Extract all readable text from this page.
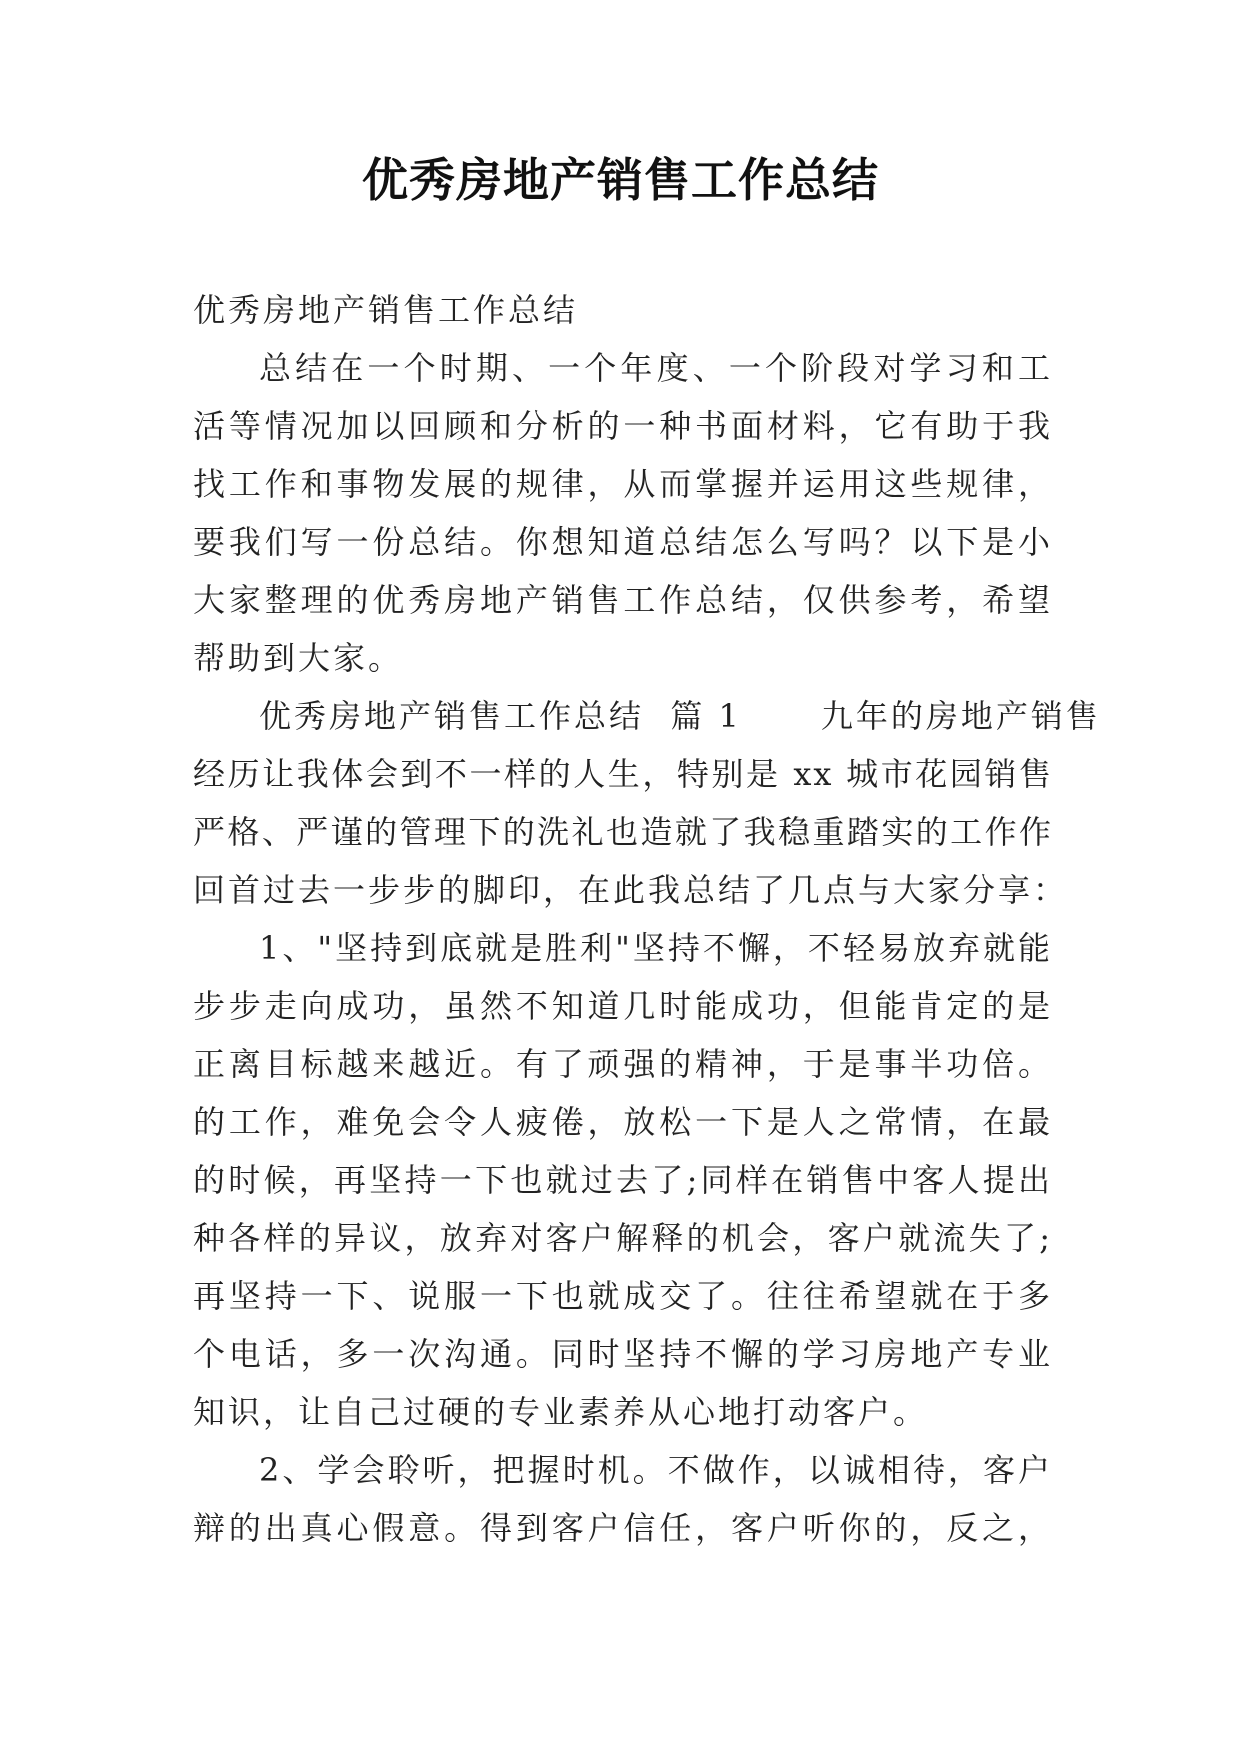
优秀房地产销售工作总结
优秀房地产销售工作总结
总结在一个时期、一个年度、一个阶段对学习和工
活等情况加以回顾和分析的一种书面材料，它有助于我
找工作和事物发展的规律，从而掌握并运用这些规律，
要我们写一份总结。你想知道总结怎么写吗？以下是小
大家整理的优秀房地产销售工作总结，仅供参考，希望
帮助到大家。
优秀房地产销售工作总结  篇 1      九年的房地产销售
经历让我体会到不一样的人生，特别是 xx 城市花园销售
严格、严谨的管理下的洗礼也造就了我稳重踏实的工作作
回首过去一步步的脚印，在此我总结了几点与大家分享：
1、"坚持到底就是胜利"坚持不懈，不轻易放弃就能
步步走向成功，虽然不知道几时能成功，但能肯定的是
正离目标越来越近。有了顽强的精神，于是事半功倍。
的工作，难免会令人疲倦，放松一下是人之常情，在最
的时候，再坚持一下也就过去了;同样在销售中客人提出
种各样的异议，放弃对客户解释的机会，客户就流失了;
再坚持一下、说服一下也就成交了。往往希望就在于多
个电话，多一次沟通。同时坚持不懈的学习房地产专业
知识，让自己过硬的专业素养从心地打动客户。
2、学会聆听，把握时机。不做作，以诚相待，客户
辩的出真心假意。得到客户信任，客户听你的，反之，
